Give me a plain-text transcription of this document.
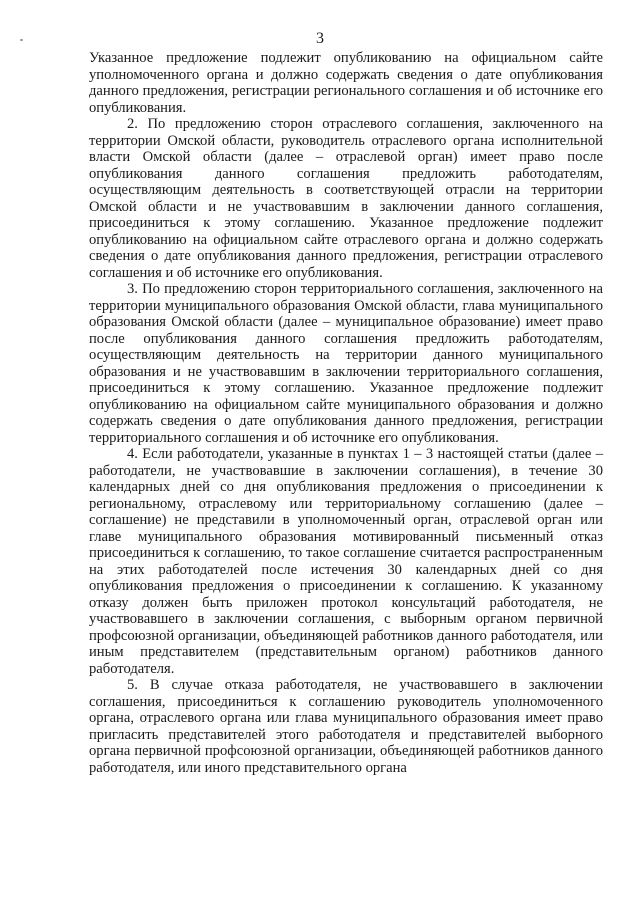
3

Указанное предложение подлежит опубликованию на официальном сайте уполномоченного органа и должно содержать сведения о дате опубликования данного предложения, регистрации регионального соглашения и об источнике его опубликования.

2. По предложению сторон отраслевого соглашения, заключенного на территории Омской области, руководитель отраслевого органа исполнительной власти Омской области (далее – отраслевой орган) имеет право после опубликования данного соглашения предложить работодателям, осуществляющим деятельность в соответствующей отрасли на территории Омской области и не участвовавшим в заключении данного соглашения, присоединиться к этому соглашению. Указанное предложение подлежит опубликованию на официальном сайте отраслевого органа и должно содержать сведения о дате опубликования данного предложения, регистрации отраслевого соглашения и об источнике его опубликования.

3. По предложению сторон территориального соглашения, заключенного на территории муниципального образования Омской области, глава муниципального образования Омской области (далее – муниципальное образование) имеет право после опубликования данного соглашения предложить работодателям, осуществляющим деятельность на территории данного муниципального образования и не участвовавшим в заключении территориального соглашения, присоединиться к этому соглашению. Указанное предложение подлежит опубликованию на официальном сайте муниципального образования и должно содержать сведения о дате опубликования данного предложения, регистрации территориального соглашения и об источнике его опубликования.

4. Если работодатели, указанные в пунктах 1 – 3 настоящей статьи (далее – работодатели, не участвовавшие в заключении соглашения), в течение 30 календарных дней со дня опубликования предложения о присоединении к региональному, отраслевому или территориальному соглашению (далее – соглашение) не представили в уполномоченный орган, отраслевой орган или главе муниципального образования мотивированный письменный отказ присоединиться к соглашению, то такое соглашение считается распространенным на этих работодателей после истечения 30 календарных дней со дня опубликования предложения о присоединении к соглашению. К указанному отказу должен быть приложен протокол консультаций работодателя, не участвовавшего в заключении соглашения, с выборным органом первичной профсоюзной организации, объединяющей работников данного работодателя, или иным представителем (представительным органом) работников данного работодателя.

5. В случае отказа работодателя, не участвовавшего в заключении соглашения, присоединиться к соглашению руководитель уполномоченного органа, отраслевого органа или глава муниципального образования имеет право пригласить представителей этого работодателя и представителей выборного органа первичной профсоюзной организации, объединяющей работников данного работодателя, или иного представительного органа
